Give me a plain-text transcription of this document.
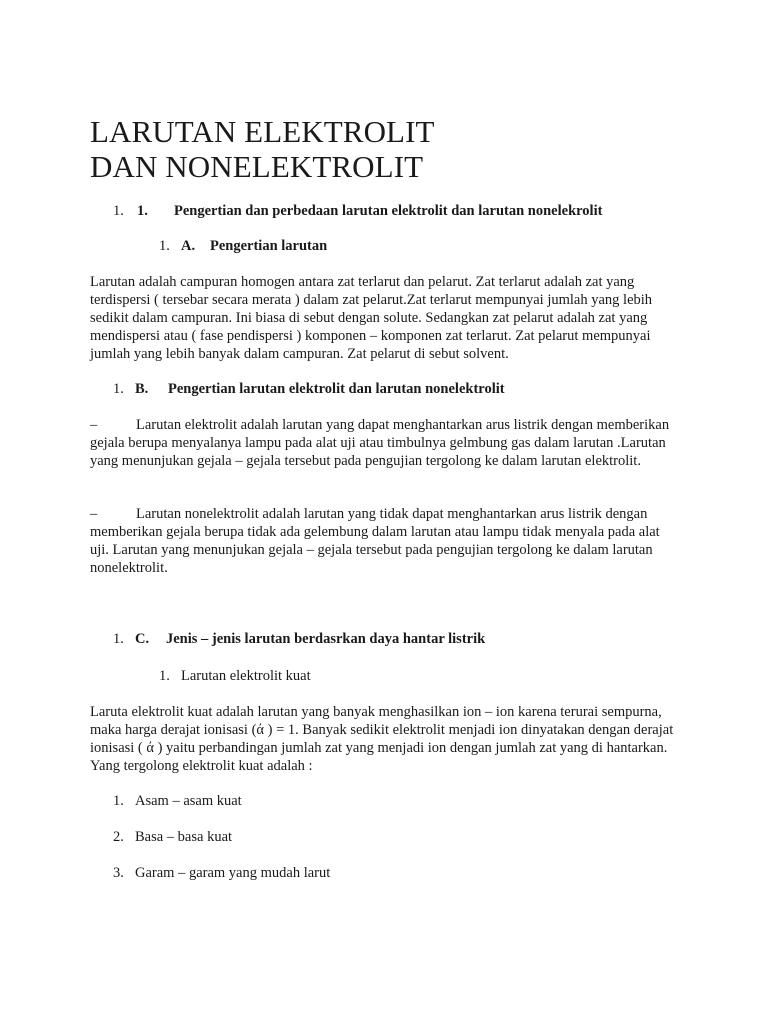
LARUTAN ELEKTROLIT
DAN NONELEKTROLIT
1. 1. Pengertian dan perbedaan larutan elektrolit dan larutan nonelekrolit
1. A. Pengertian larutan

Larutan adalah campuran homogen antara zat terlarut dan pelarut. Zat terlarut adalah zat yang terdispersi ( tersebar secara merata ) dalam zat pelarut.Zat terlarut mempunyai jumlah yang lebih sedikit dalam campuran. Ini biasa di sebut dengan solute. Sedangkan zat pelarut adalah zat yang mendispersi atau ( fase pendispersi ) komponen – komponen zat terlarut. Zat pelarut mempunyai jumlah yang lebih banyak dalam campuran. Zat pelarut di sebut solvent.

1. B. Pengertian larutan elektrolit dan larutan nonelektrolit
–	Larutan elektrolit adalah larutan yang dapat menghantarkan arus listrik dengan memberikan gejala berupa menyalanya lampu pada alat uji atau timbulnya gelmbung gas dalam larutan .Larutan yang menunjukan gejala – gejala tersebut pada pengujian tergolong ke dalam larutan elektrolit.
–	Larutan nonelektrolit adalah larutan yang tidak dapat menghantarkan arus listrik dengan memberikan gejala berupa tidak ada gelembung dalam larutan atau lampu tidak menyala pada alat uji. Larutan yang menunjukan gejala – gejala tersebut pada pengujian tergolong ke dalam larutan nonelektrolit.
1. C. Jenis – jenis larutan berdasrkan daya hantar listrik
1. Larutan elektrolit kuat

Laruta elektrolit kuat adalah larutan yang banyak menghasilkan ion – ion karena terurai sempurna, maka harga derajat ionisasi (ά ) = 1. Banyak sedikit elektrolit menjadi ion dinyatakan dengan derajat ionisasi ( ά ) yaitu perbandingan jumlah zat yang menjadi ion dengan jumlah zat yang di hantarkan. Yang tergolong elektrolit kuat adalah :

1. Asam – asam kuat
2. Basa – basa kuat
3. Garam – garam yang mudah larut
